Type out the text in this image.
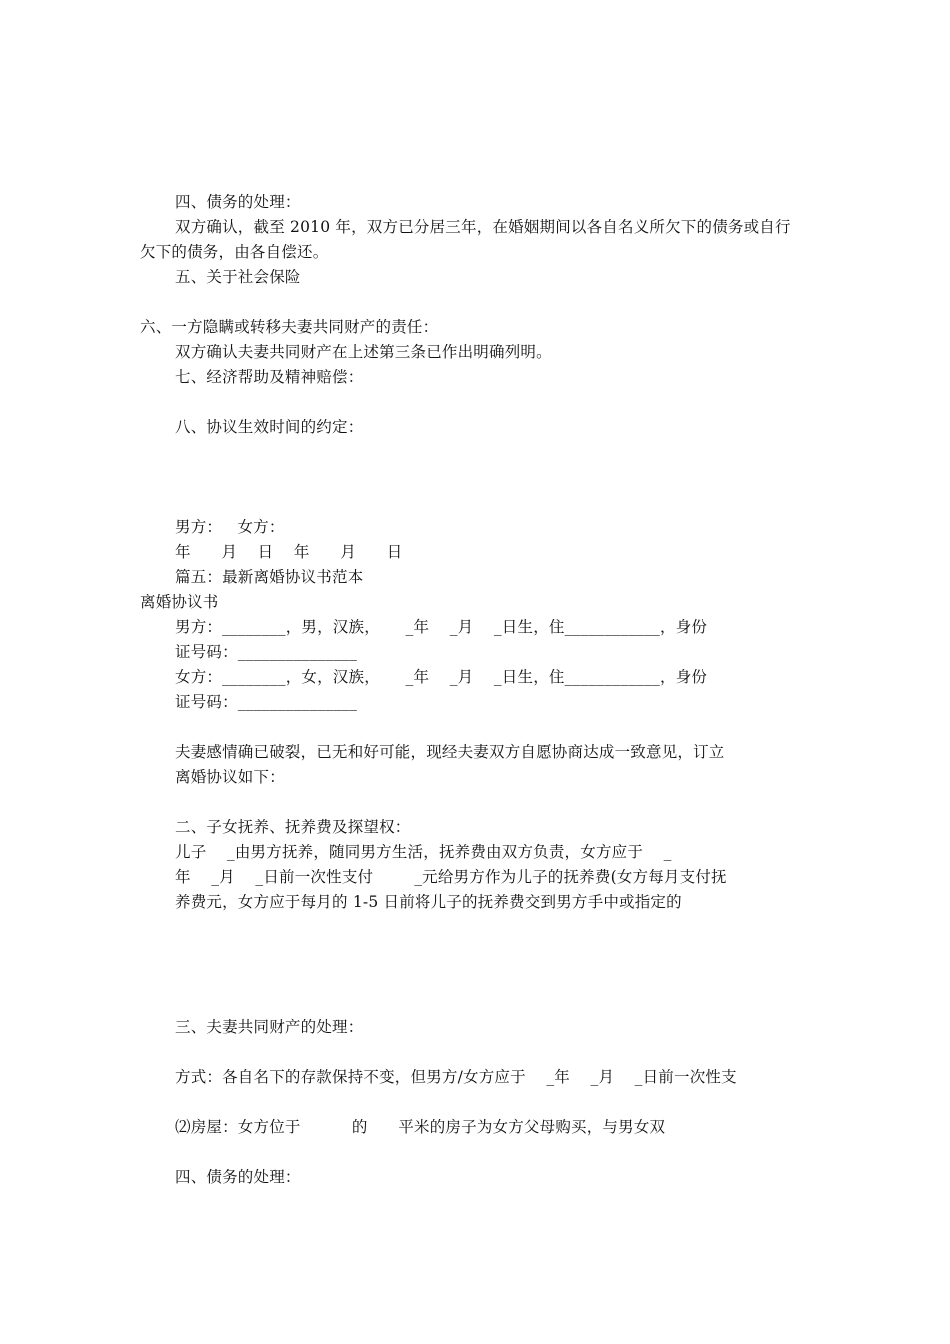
四、债务的处理：
双方确认，截至 2010 年，双方已分居三年，在婚姻期间以各自名义所欠下的债务或自行
欠下的债务，由各自偿还。
五、关于社会保险
六、一方隐瞒或转移夫妻共同财产的责任：
双方确认夫妻共同财产在上述第三条已作出明确列明。
七、经济帮助及精神赔偿：
八、协议生效时间的约定：
男方：   女方：
年      月    日    年      月      日
篇五：最新离婚协议书范本
离婚协议书
男方：________，男，汉族，     _年    _月    _日生，住____________，身份
证号码：_______________
女方：________，女，汉族，     _年    _月    _日生，住____________，身份
证号码：_______________
夫妻感情确已破裂，已无和好可能，现经夫妻双方自愿协商达成一致意见，订立
离婚协议如下：
二、子女抚养、抚养费及探望权：
儿子    _由男方抚养，随同男方生活，抚养费由双方负责，女方应于    _
年    _月    _日前一次性支付        _元给男方作为儿子的抚养费(女方每月支付抚
养费元，女方应于每月的 1-5 日前将儿子的抚养费交到男方手中或指定的
三、夫妻共同财产的处理：
方式：各自名下的存款保持不变，但男方/女方应于    _年    _月    _日前一次性支
⑵房屋：女方位于          的      平米的房子为女方父母购买，与男女双
四、债务的处理：
